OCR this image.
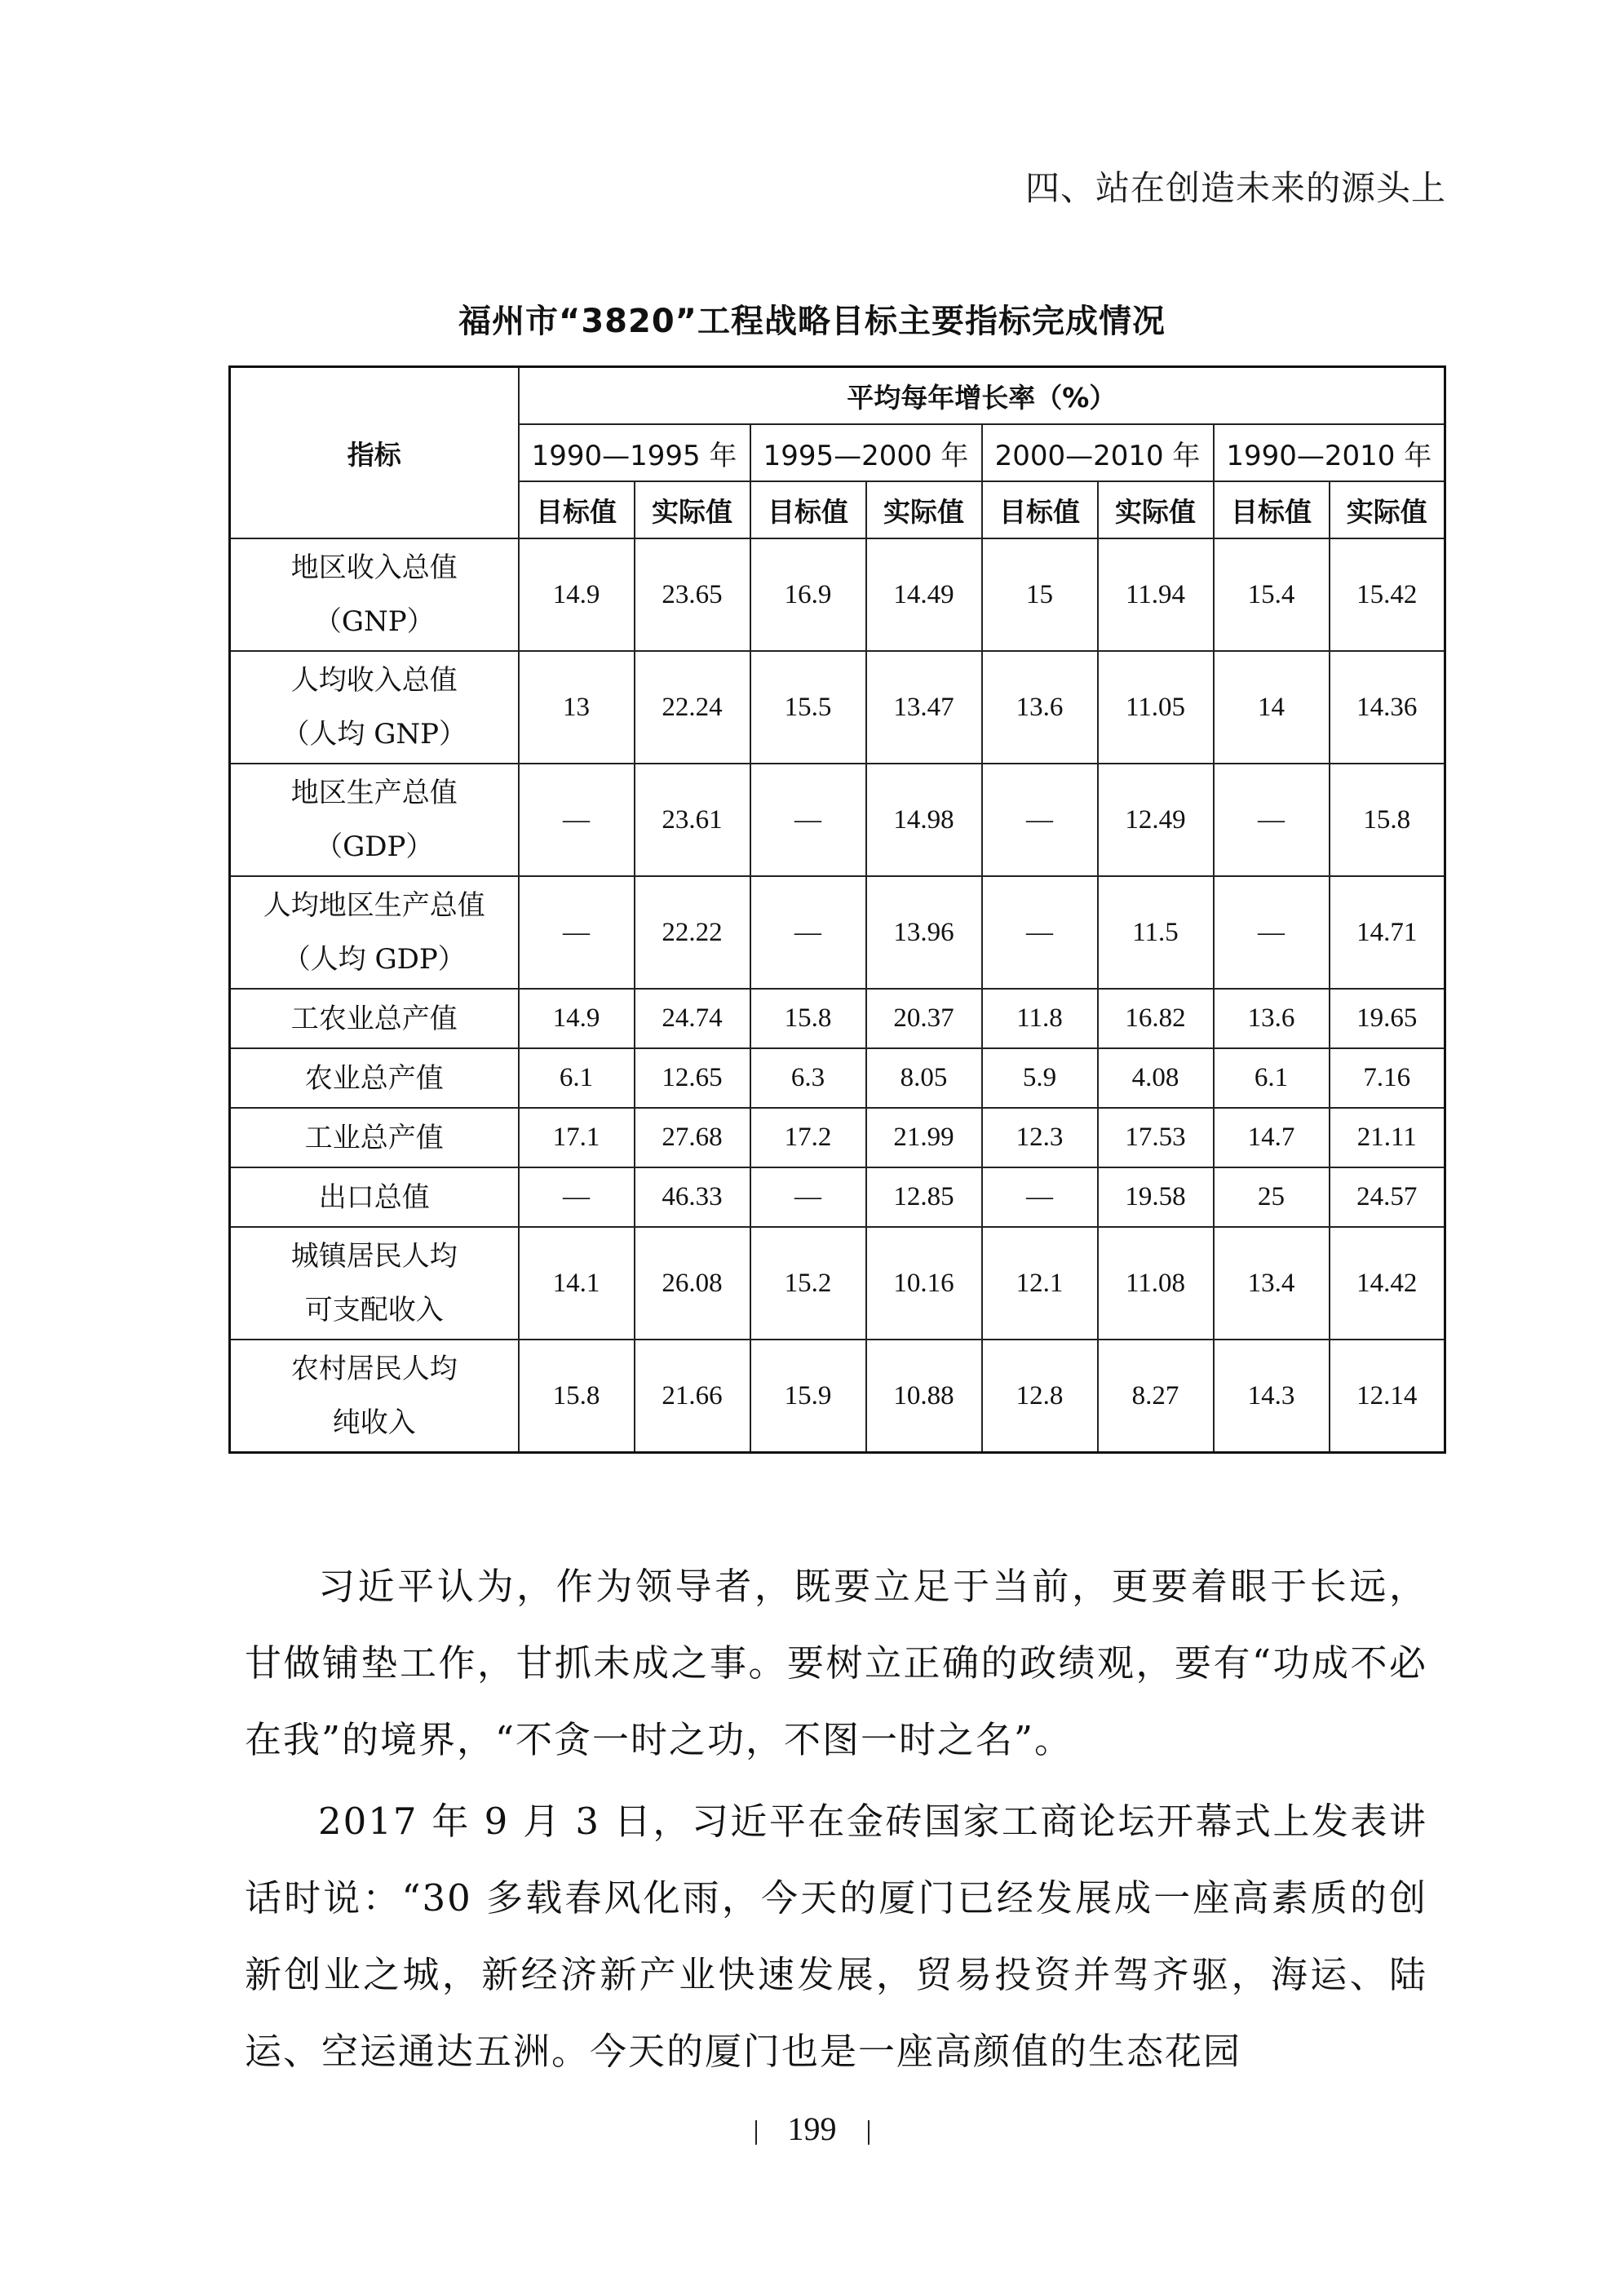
四、站在创造未来的源头上
福州市“3820”工程战略目标主要指标完成情况
指标	平均每年增长率（%）							
	1990—1995 年		1995—2000 年		2000—2010 年		1990—2010 年	
	目标值	实际值	目标值	实际值	目标值	实际值	目标值	实际值

地区收入总值
（GNP）	14.9	23.65	16.9	14.49	15	11.94	15.4	15.42

人均收入总值
（人均 GNP）	13	22.24	15.5	13.47	13.6	11.05	14	14.36

地区生产总值
（GDP）	—	23.61	—	14.98	—	12.49	—	15.8

人均地区生产总值
（人均 GDP）	—	22.22	—	13.96	—	11.5	—	14.71

工农业总产值	14.9	24.74	15.8	20.37	11.8	16.82	13.6	19.65

农业总产值	6.1	12.65	6.3	8.05	5.9	4.08	6.1	7.16

工业总产值	17.1	27.68	17.2	21.99	12.3	17.53	14.7	21.11

出口总值	—	46.33	—	12.85	—	19.58	25	24.57

城镇居民人均
可支配收入	14.1	26.08	15.2	10.16	12.1	11.08	13.4	14.42

农村居民人均
纯收入	15.8	21.66	15.9	10.88	12.8	8.27	14.3	12.14

习近平认为，作为领导者，既要立足于当前，更要着眼于长远，甘做铺垫工作，甘抓未成之事。要树立正确的政绩观，要有“功成不必在我”的境界，“不贪一时之功，不图一时之名”。

2017 年 9 月 3 日，习近平在金砖国家工商论坛开幕式上发表讲话时说：“30 多载春风化雨，今天的厦门已经发展成一座高素质的创新创业之城，新经济新产业快速发展，贸易投资并驾齐驱，海运、陆运、空运通达五洲。今天的厦门也是一座高颜值的生态花园

199
